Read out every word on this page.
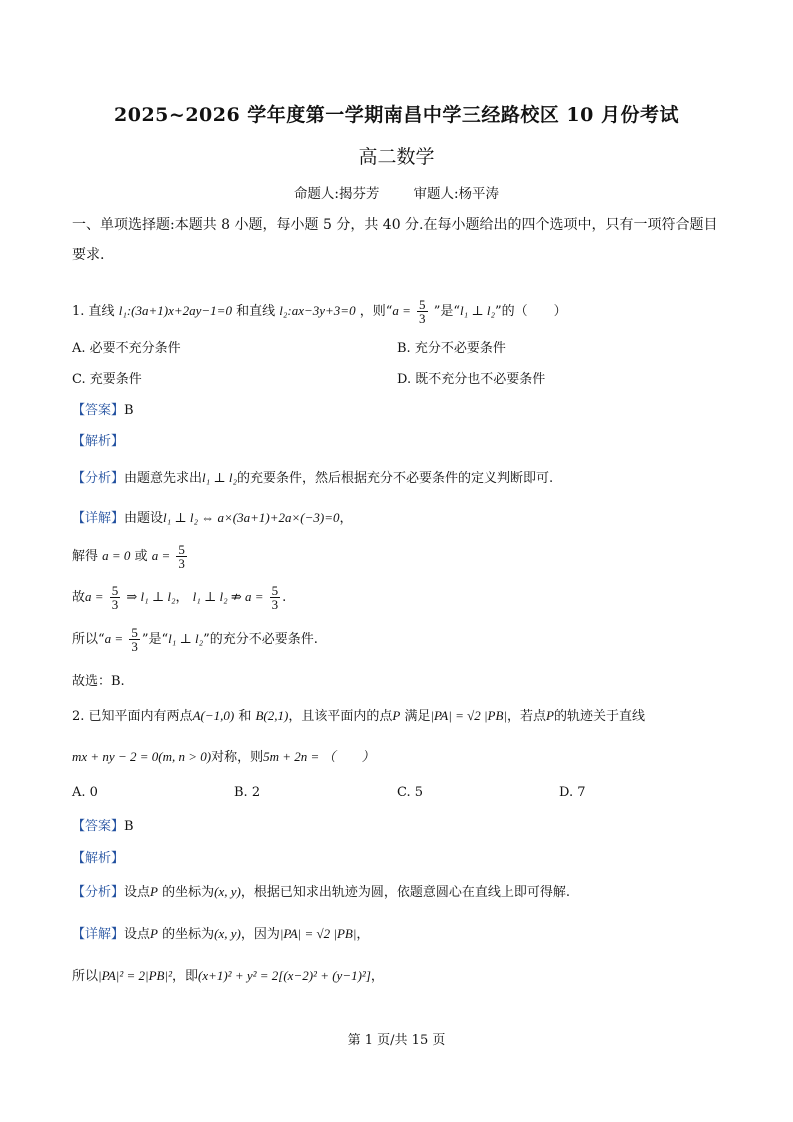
2025~2026 学年度第一学期南昌中学三经路校区 10 月份考试
高二数学
命题人:揭芬芳	审题人:杨平涛
一、单项选择题:本题共 8 小题，每小题 5 分，共 40 分.在每小题给出的四个选项中，只有一项符合题目要求.
1. 直线 l₁:(3a+1)x+2ay−1=0 和直线 l₂:ax−3y+3=0 ，则“$a = \frac{5}{3}$ ”是“l₁ ⊥ l₂”的（　　）
A. 必要不充分条件	B. 充分不必要条件
C. 充要条件	D. 既不充分也不必要条件
【答案】B
【解析】
【分析】由题意先求出l₁ ⊥ l₂的充要条件，然后根据充分不必要条件的定义判断即可.
【详解】由题设l₁ ⊥ l₂ ⇔ a×(3a+1)+2a×(−3)=0，
解得 a = 0 或 $a = \frac{5}{3}$
故$a = \frac{5}{3}$ ⇒ l₁ ⊥ l₂， l₁ ⊥ l₂ ⇏ $a = \frac{5}{3}$ .
所以“$a = \frac{5}{3}$ ”是“l₁ ⊥ l₂”的充分不必要条件.
故选：B.
2. 已知平面内有两点A(−1,0) 和 B(2,1)，且该平面内的点P 满足|PA| = √2 |PB|，若点P的轨迹关于直线
mx + ny − 2 = 0(m, n > 0)对称，则5m + 2n = （　　）
A. 0	B. 2	C. 5	D. 7
【答案】B
【解析】
【分析】设点P 的坐标为(x, y)，根据已知求出轨迹为圆，依题意圆心在直线上即可得解.
【详解】设点P 的坐标为(x, y)，因为|PA| = √2 |PB|，
所以|PA|² = 2|PB|²，即(x+1)² + y² = 2[(x−2)² + (y−1)²]，
第 1 页/共 15 页
